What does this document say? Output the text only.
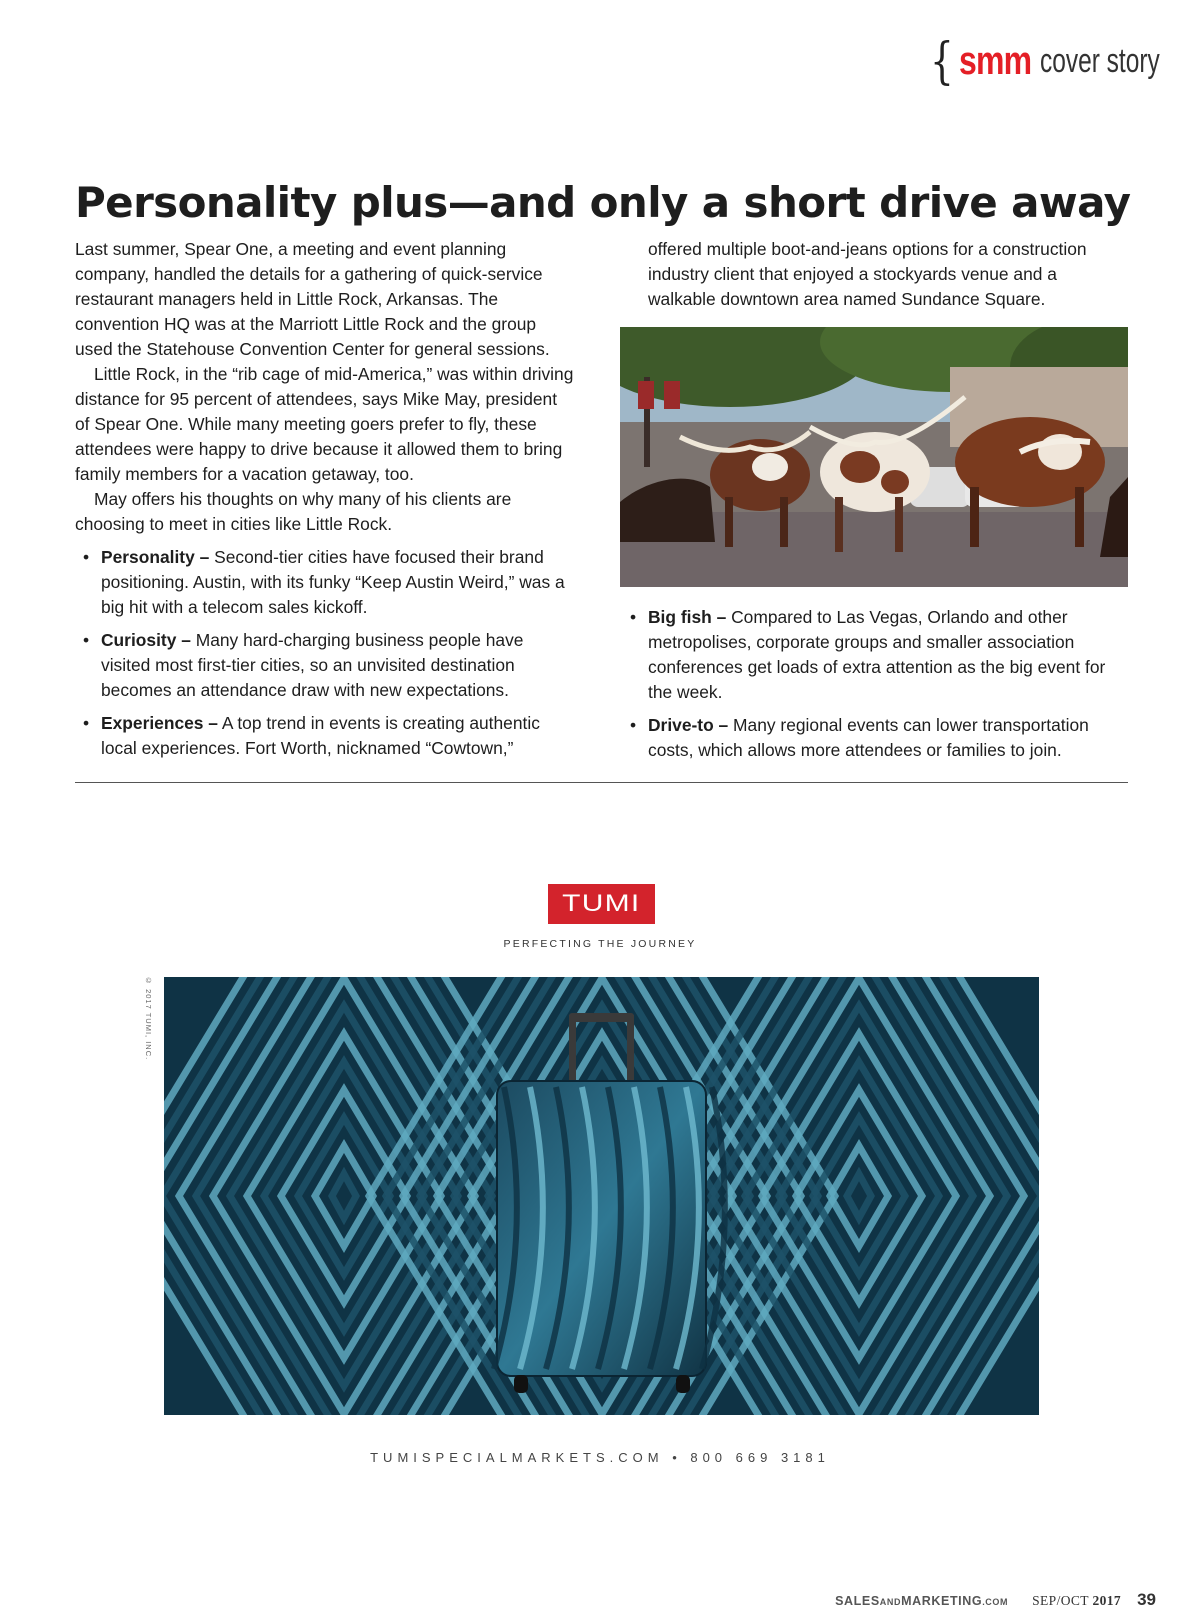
{ smm cover story
Personality plus—and only a short drive away

Last summer, Spear One, a meeting and event planning company, handled the details for a gathering of quick-service restaurant managers held in Little Rock, Arkansas. The convention HQ was at the Marriott Little Rock and the group used the Statehouse Convention Center for general sessions.

Little Rock, in the “rib cage of mid-America,” was within driving distance for 95 percent of attendees, says Mike May, president of Spear One. While many meeting goers prefer to fly, these attendees were happy to drive because it allowed them to bring family members for a vacation getaway, too.

May offers his thoughts on why many of his clients are choosing to meet in cities like Little Rock.

• Personality – Second-tier cities have focused their brand positioning. Austin, with its funky “Keep Austin Weird,” was a big hit with a telecom sales kickoff.
• Curiosity – Many hard-charging business people have visited most first-tier cities, so an unvisited destination becomes an attendance draw with new expectations.
• Experiences – A top trend in events is creating authentic local experiences. Fort Worth, nicknamed “Cowtown,”

offered multiple boot-and-jeans options for a construction industry client that enjoyed a stockyards venue and a walkable downtown area named Sundance Square.

• Big fish – Compared to Las Vegas, Orlando and other metropolises, corporate groups and smaller association conferences get loads of extra attention as the big event for the week.
• Drive-to – Many regional events can lower transportation costs, which allows more attendees or families to join.
TUMI
PERFECTING THE JOURNEY
© 2017 TUMI, INC.
TUMISPECIALMARKETS.COM • 800 669 3181
SALESANDMARKETING.COM SEP/OCT 2017 39
